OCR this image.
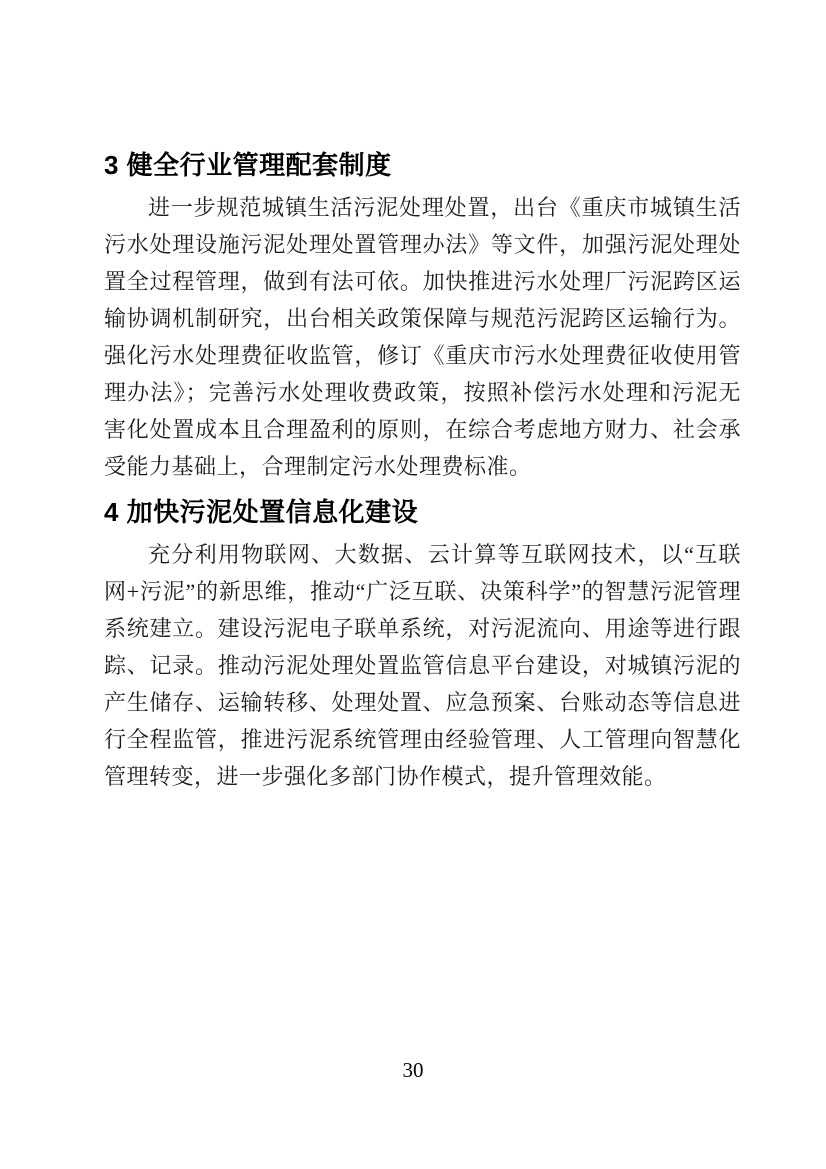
3 健全行业管理配套制度

进一步规范城镇生活污泥处理处置，出台《重庆市城镇生活污水处理设施污泥处理处置管理办法》等文件，加强污泥处理处置全过程管理，做到有法可依。加快推进污水处理厂污泥跨区运输协调机制研究，出台相关政策保障与规范污泥跨区运输行为。强化污水处理费征收监管，修订《重庆市污水处理费征收使用管理办法》；完善污水处理收费政策，按照补偿污水处理和污泥无害化处置成本且合理盈利的原则，在综合考虑地方财力、社会承受能力基础上，合理制定污水处理费标准。

4 加快污泥处置信息化建设

充分利用物联网、大数据、云计算等互联网技术，以“互联网+污泥”的新思维，推动“广泛互联、决策科学”的智慧污泥管理系统建立。建设污泥电子联单系统，对污泥流向、用途等进行跟踪、记录。推动污泥处理处置监管信息平台建设，对城镇污泥的产生储存、运输转移、处理处置、应急预案、台账动态等信息进行全程监管，推进污泥系统管理由经验管理、人工管理向智慧化管理转变，进一步强化多部门协作模式，提升管理效能。

30
